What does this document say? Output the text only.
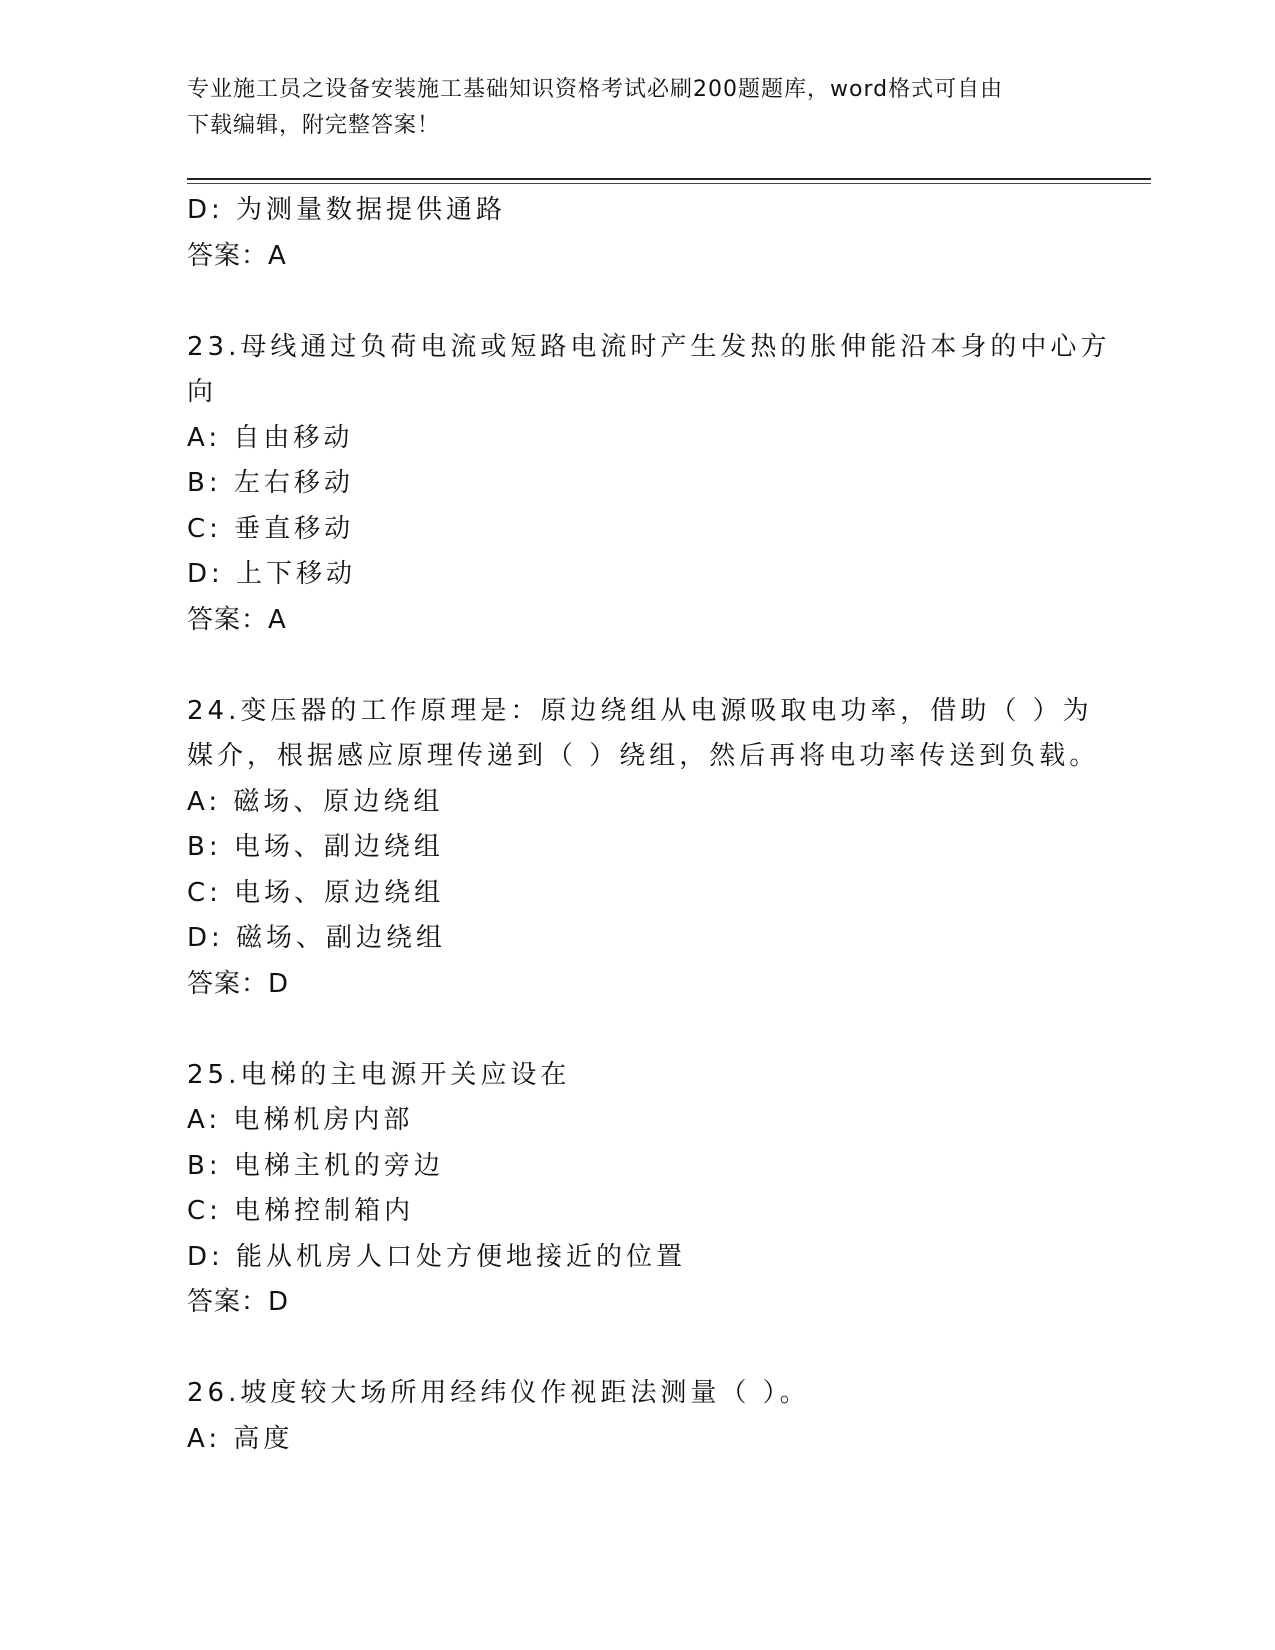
专业施工员之设备安装施工基础知识资格考试必刷200题题库，word格式可自由
下载编辑，附完整答案！
D: 为测量数据提供通路
答案：A
23.母线通过负荷电流或短路电流时产生发热的胀伸能沿本身的中心方
向
A: 自由移动
B: 左右移动
C: 垂直移动
D: 上下移动
答案：A
24.变压器的工作原理是：原边绕组从电源吸取电功率，借助（ ）为
媒介，根据感应原理传递到（ ）绕组，然后再将电功率传送到负载。
A: 磁场、原边绕组
B: 电场、副边绕组
C: 电场、原边绕组
D: 磁场、副边绕组
答案：D
25.电梯的主电源开关应设在
A: 电梯机房内部
B: 电梯主机的旁边
C: 电梯控制箱内
D: 能从机房人口处方便地接近的位置
答案：D
26.坡度较大场所用经纬仪作视距法测量（ ）。
A: 高度
